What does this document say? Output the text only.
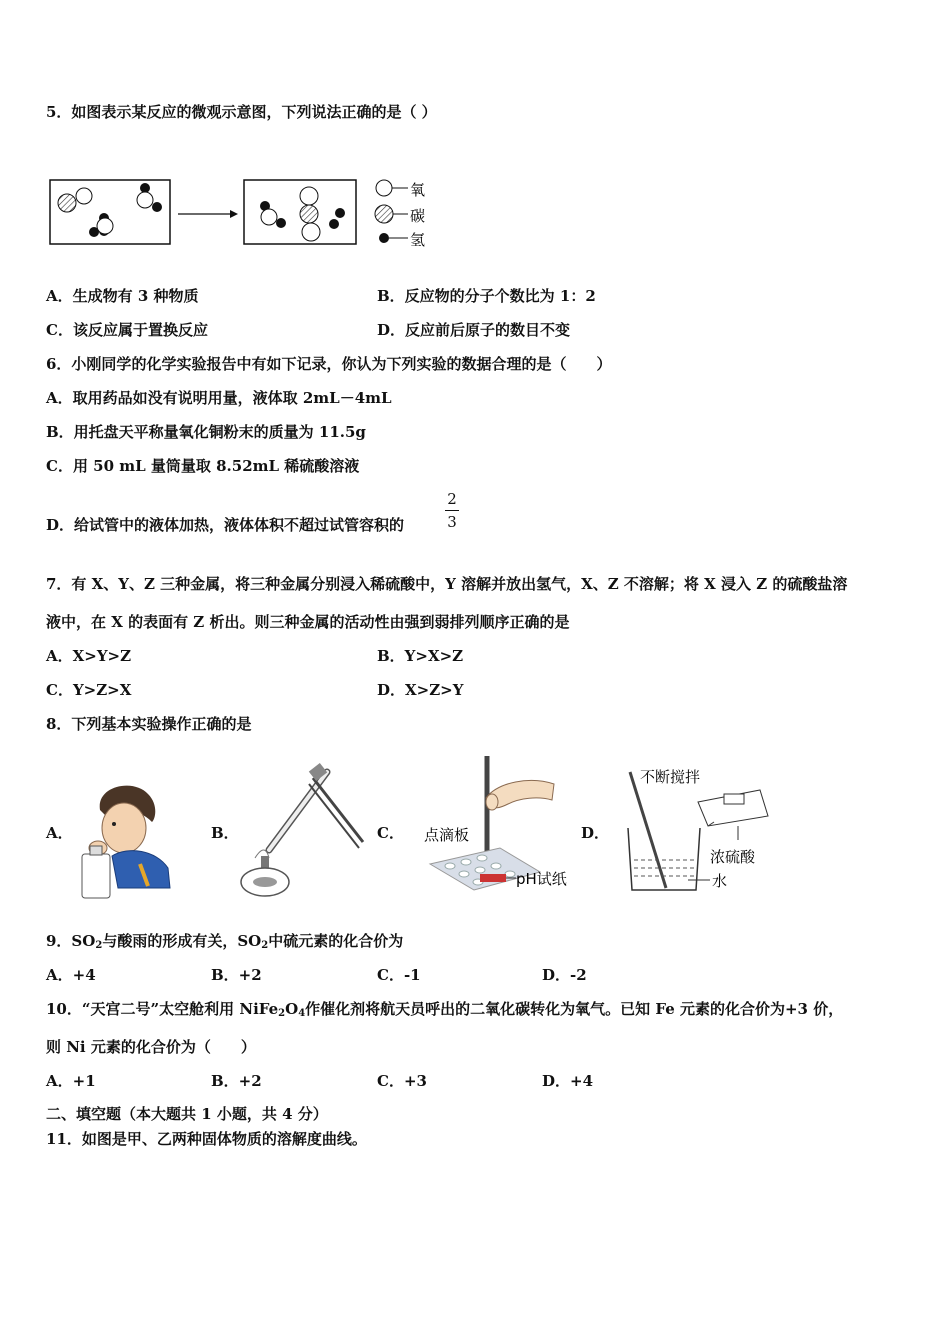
5．如图表示某反应的微观示意图，下列说法正确的是（ ）
氧
碳
氢
A．生成物有 3 种物质	B．反应物的分子个数比为 1：2
C．该反应属于置换反应	D．反应前后原子的数目不变
6．小刚同学的化学实验报告中有如下记录，你认为下列实验的数据合理的是（　　）
A．取用药品如没有说明用量，液体取 2mL－4mL
B．用托盘天平称量氧化铜粉末的质量为 11.5g
C．用 50 mL 量筒量取 8.52mL 稀硫酸溶液
D．给试管中的液体加热，液体体积不超过试管容积的
2
3
7．有 X、Y、Z 三种金属，将三种金属分别浸入稀硫酸中，Y 溶解并放出氢气，X、Z 不溶解；将 X 浸入 Z 的硫酸盐溶
液中，在 X 的表面有 Z 析出。则三种金属的活动性由强到弱排列顺序正确的是
A．X>Y>Z	B．Y>X>Z
C．Y>Z>X	D．X>Z>Y
8．下列基本实验操作正确的是
A．	B．	C． 点滴板
pH试纸
D．
不断搅拌
浓硫酸
水
9．$SO_2$与酸雨的形成有关，$SO_2$中硫元素的化合价为
A．+4	B．+2	C．-1	D．-2
10．“天宫二号”太空舱利用 $NiFe_2O_4$作催化剂将航天员呼出的二氧化碳转化为氧气。已知 Fe 元素的化合价为+3 价，
则 Ni 元素的化合价为（　　）
A．+1	B．+2	C．+3	D．+4
二、填空题（本大题共 1 小题，共 4 分）
11．如图是甲、乙两种固体物质的溶解度曲线。
